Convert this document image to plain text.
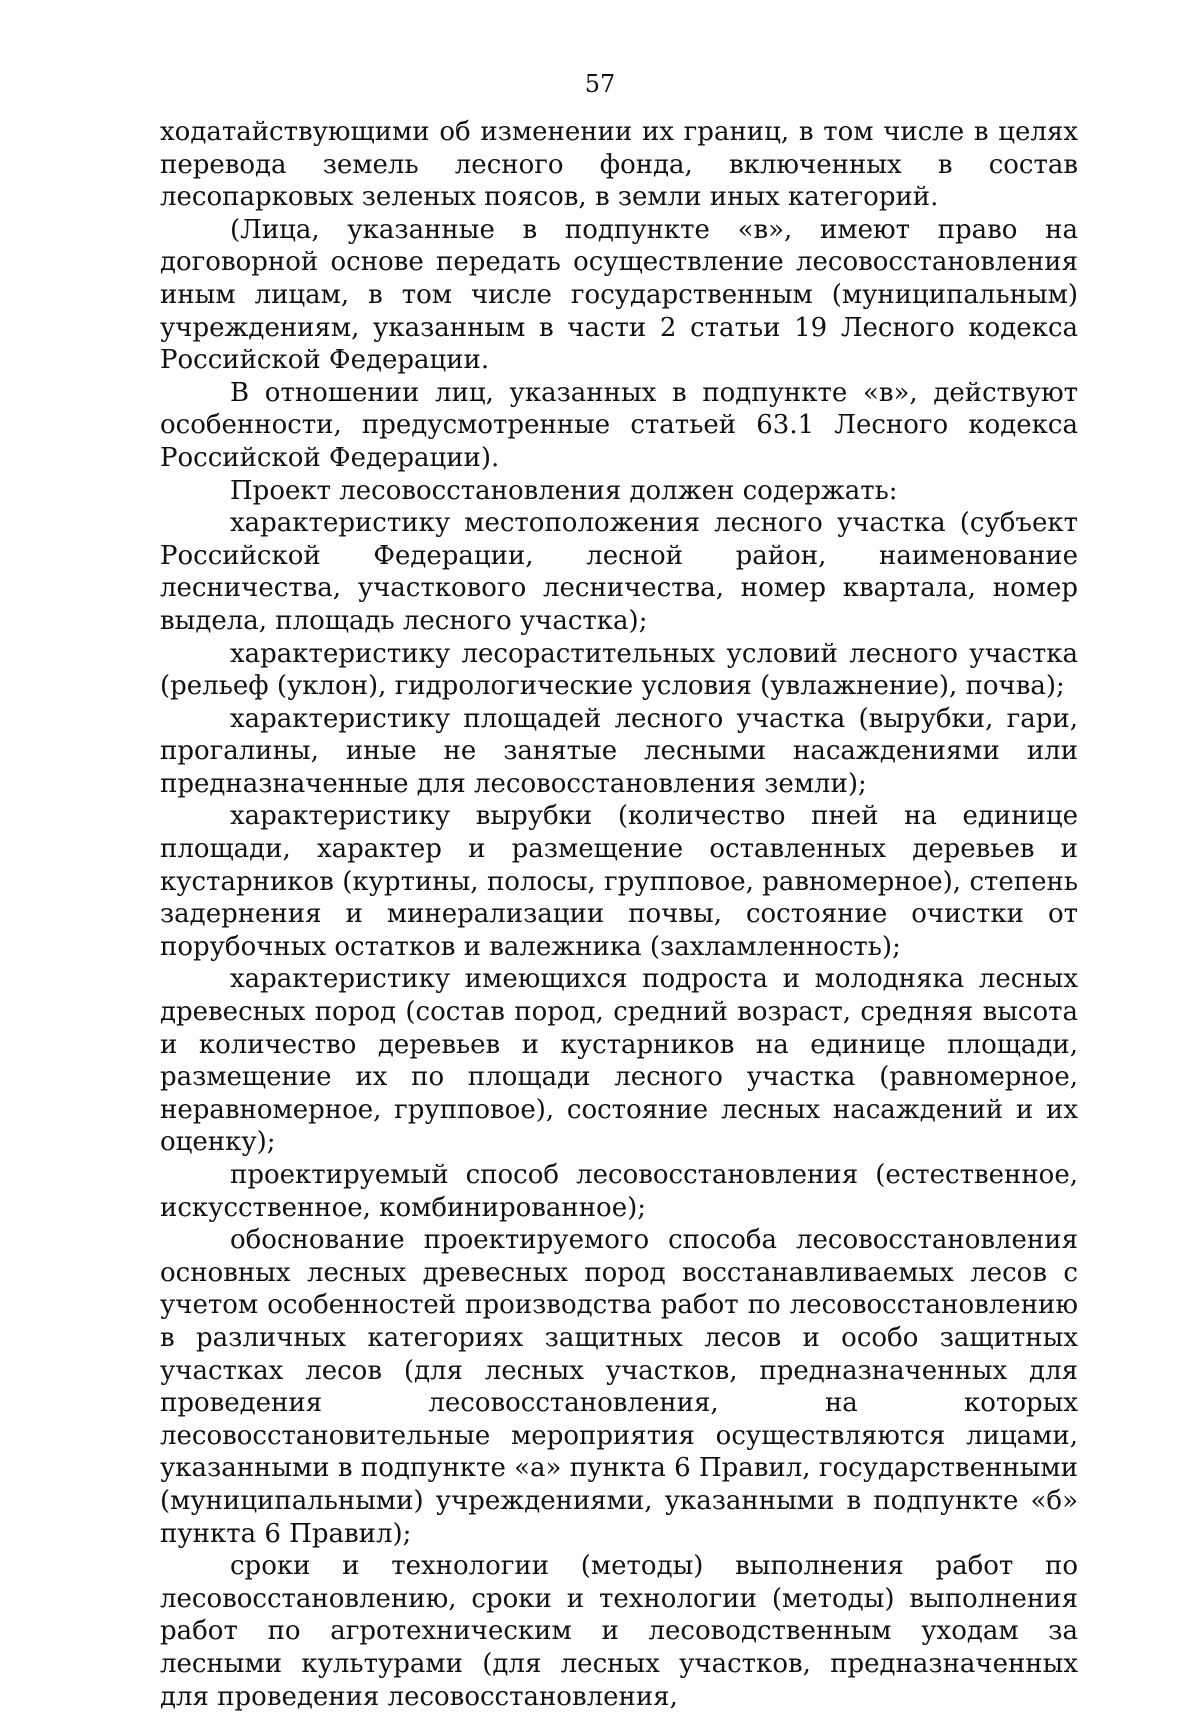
57

ходатайствующими об изменении их границ, в том числе в целях перевода земель лесного фонда, включенных в состав лесопарковых зеленых поясов, в земли иных категорий.

(Лица, указанные в подпункте «в», имеют право на договорной основе передать осуществление лесовосстановления иным лицам, в том числе государственным (муниципальным) учреждениям, указанным в части 2 статьи 19 Лесного кодекса Российской Федерации.

В отношении лиц, указанных в подпункте «в», действуют особенности, предусмотренные статьей 63.1 Лесного кодекса Российской Федерации).

Проект лесовосстановления должен содержать:

характеристику местоположения лесного участка (субъект Российской Федерации, лесной район, наименование лесничества, участкового лесничества, номер квартала, номер выдела, площадь лесного участка);

характеристику лесорастительных условий лесного участка (рельеф (уклон), гидрологические условия (увлажнение), почва);

характеристику площадей лесного участка (вырубки, гари, прогалины, иные не занятые лесными насаждениями или предназначенные для лесовосстановления земли);

характеристику вырубки (количество пней на единице площади, характер и размещение оставленных деревьев и кустарников (куртины, полосы, групповое, равномерное), степень задернения и минерализации почвы, состояние очистки от порубочных остатков и валежника (захламленность);

характеристику имеющихся подроста и молодняка лесных древесных пород (состав пород, средний возраст, средняя высота и количество деревьев и кустарников на единице площади, размещение их по площади лесного участка (равномерное, неравномерное, групповое), состояние лесных насаждений и их оценку);

проектируемый способ лесовосстановления (естественное, искусственное, комбинированное);

обоснование проектируемого способа лесовосстановления основных лесных древесных пород восстанавливаемых лесов с учетом особенностей производства работ по лесовосстановлению в различных категориях защитных лесов и особо защитных участках лесов (для лесных участков, предназначенных для проведения лесовосстановления, на которых лесовосстановительные мероприятия осуществляются лицами, указанными в подпункте «а» пункта 6 Правил, государственными (муниципальными) учреждениями, указанными в подпункте «б» пункта 6 Правил);

сроки и технологии (методы) выполнения работ по лесовосстановлению, сроки и технологии (методы) выполнения работ по агротехническим и лесоводственным уходам за лесными культурами (для лесных участков, предназначенных для проведения лесовосстановления,
